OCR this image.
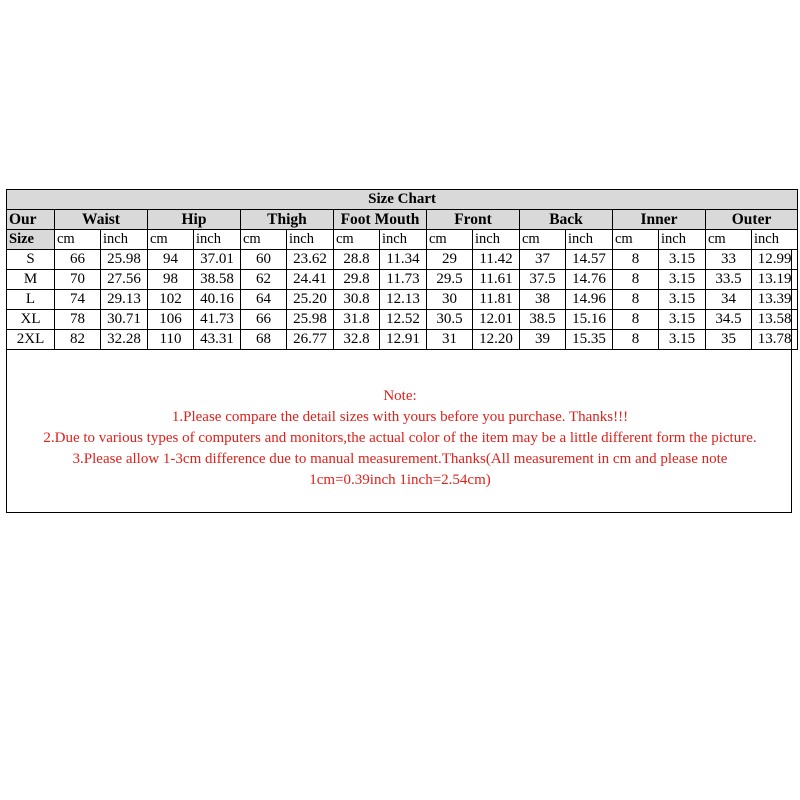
Size Chart																
Our	Waist		Hip		Thigh		Foot Mouth		Front		Back		Inner		Outer	
Size	cm	inch	cm	inch	cm	inch	cm	inch	cm	inch	cm	inch	cm	inch	cm	inch
S	66	25.98	94	37.01	60	23.62	28.8	11.34	29	11.42	37	14.57	8	3.15	33	12.99
M	70	27.56	98	38.58	62	24.41	29.8	11.73	29.5	11.61	37.5	14.76	8	3.15	33.5	13.19
L	74	29.13	102	40.16	64	25.20	30.8	12.13	30	11.81	38	14.96	8	3.15	34	13.39
XL	78	30.71	106	41.73	66	25.98	31.8	12.52	30.5	12.01	38.5	15.16	8	3.15	34.5	13.58
2XL	82	32.28	110	43.31	68	26.77	32.8	12.91	31	12.20	39	15.35	8	3.15	35	13.78
Note:
1.Please compare the detail sizes with yours before you purchase. Thanks!!!
2.Due to various types of computers and monitors,the actual color of the item may be a little different form the picture.
3.Please allow 1-3cm difference due to manual measurement.Thanks(All measurement in cm and please note
1cm=0.39inch 1inch=2.54cm)
